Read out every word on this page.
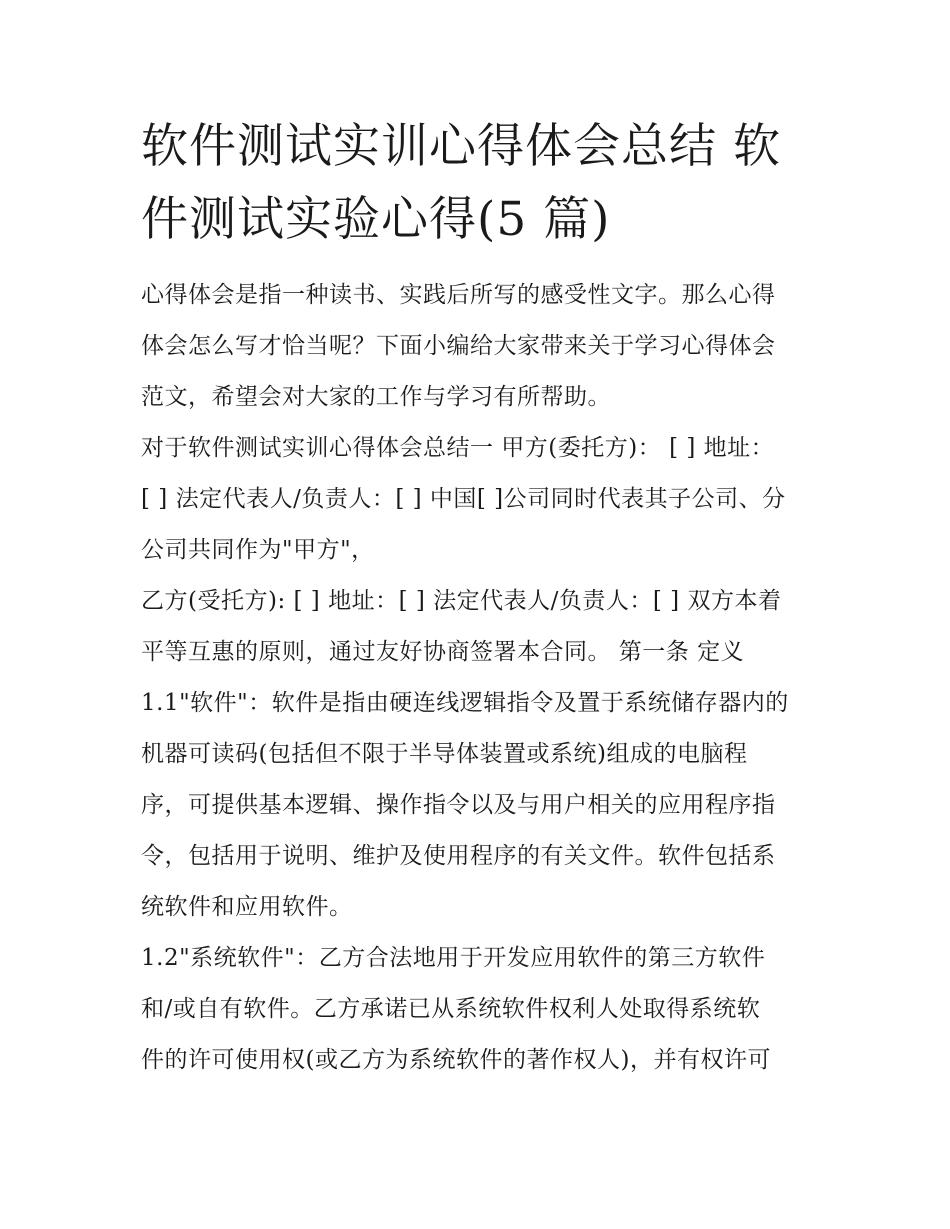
软件测试实训心得体会总结 软
件测试实验心得(5 篇)

心得体会是指一种读书、实践后所写的感受性文字。那么心得
体会怎么写才恰当呢？下面小编给大家带来关于学习心得体会
范文，希望会对大家的工作与学习有所帮助。

对于软件测试实训心得体会总结一 甲方(委托方)： [ ] 地址：
[ ] 法定代表人/负责人：[ ] 中国[ ]公司同时代表其子公司、分
公司共同作为"甲方"，

乙方(受托方): [ ] 地址：[ ] 法定代表人/负责人：[ ] 双方本着
平等互惠的原则，通过友好协商签署本合同。 第一条 定义

1.1"软件"：软件是指由硬连线逻辑指令及置于系统储存器内的
机器可读码(包括但不限于半导体装置或系统)组成的电脑程
序，可提供基本逻辑、操作指令以及与用户相关的应用程序指
令，包括用于说明、维护及使用程序的有关文件。软件包括系
统软件和应用软件。

1.2"系统软件"：乙方合法地用于开发应用软件的第三方软件
和/或自有软件。乙方承诺已从系统软件权利人处取得系统软
件的许可使用权(或乙方为系统软件的著作权人)，并有权许可
